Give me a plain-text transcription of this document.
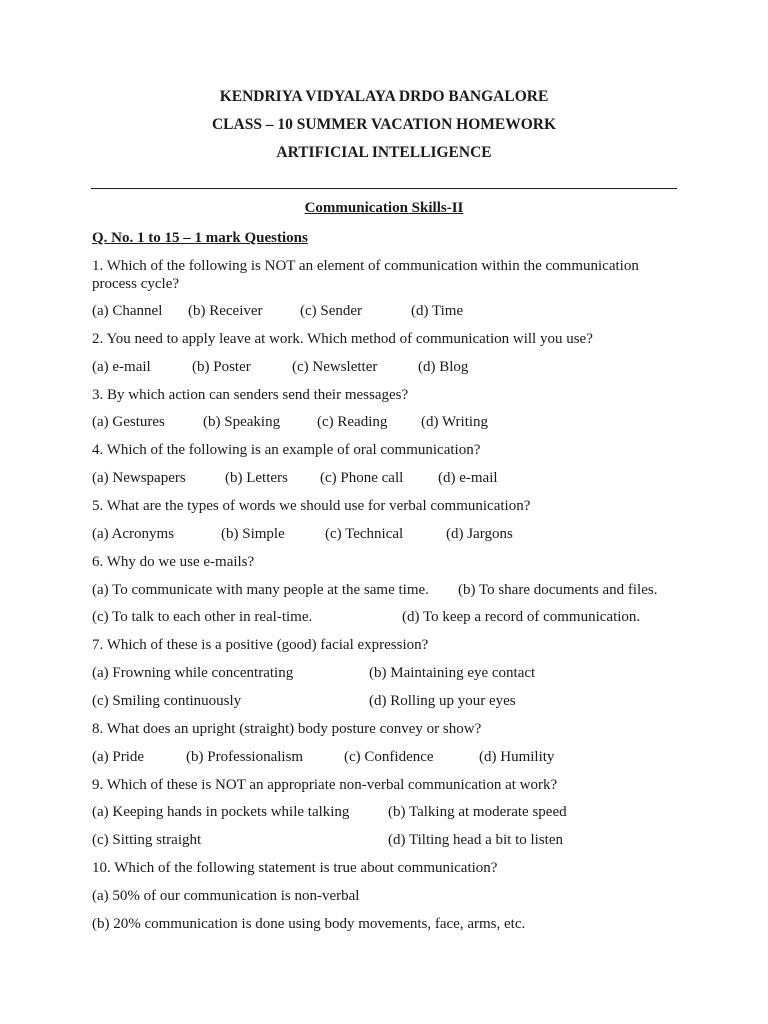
KENDRIYA VIDYALAYA DRDO BANGALORE
CLASS – 10 SUMMER VACATION HOMEWORK
ARTIFICIAL INTELLIGENCE
Communication Skills-II
Q. No. 1 to 15 – 1 mark Questions
1. Which of the following is NOT an element of communication within the communication
process cycle?
(a) Channel (b) Receiver (c) Sender	(d) Time
2. You need to apply leave at work. Which method of communication will you use?
(a) e-mail	(b) Poster	(c) Newsletter	(d) Blog
3. By which action can senders send their messages?
(a) Gestures	(b) Speaking (c) Reading (d) Writing
4. Which of the following is an example of oral communication?
(a) Newspapers	(b) Letters (c) Phone call (d) e-mail
5. What are the types of words we should use for verbal communication?
(a) Acronyms	(b) Simple	(c) Technical	(d) Jargons
6. Why do we use e-mails?
(a) To communicate with many people at the same time. (b) To share documents and files.
(c) To talk to each other in real-time.	(d) To keep a record of communication.
7. Which of these is a positive (good) facial expression?
(a) Frowning while concentrating	(b) Maintaining eye contact
(c) Smiling continuously	(d) Rolling up your eyes
8. What does an upright (straight) body posture convey or show?
(a) Pride	(b) Professionalism	(c) Confidence	(d) Humility
9. Which of these is NOT an appropriate non-verbal communication at work?
(a) Keeping hands in pockets while talking	(b) Talking at moderate speed
(c) Sitting straight	(d) Tilting head a bit to listen
10. Which of the following statement is true about communication?
(a) 50% of our communication is non-verbal
(b) 20% communication is done using body movements, face, arms, etc.
